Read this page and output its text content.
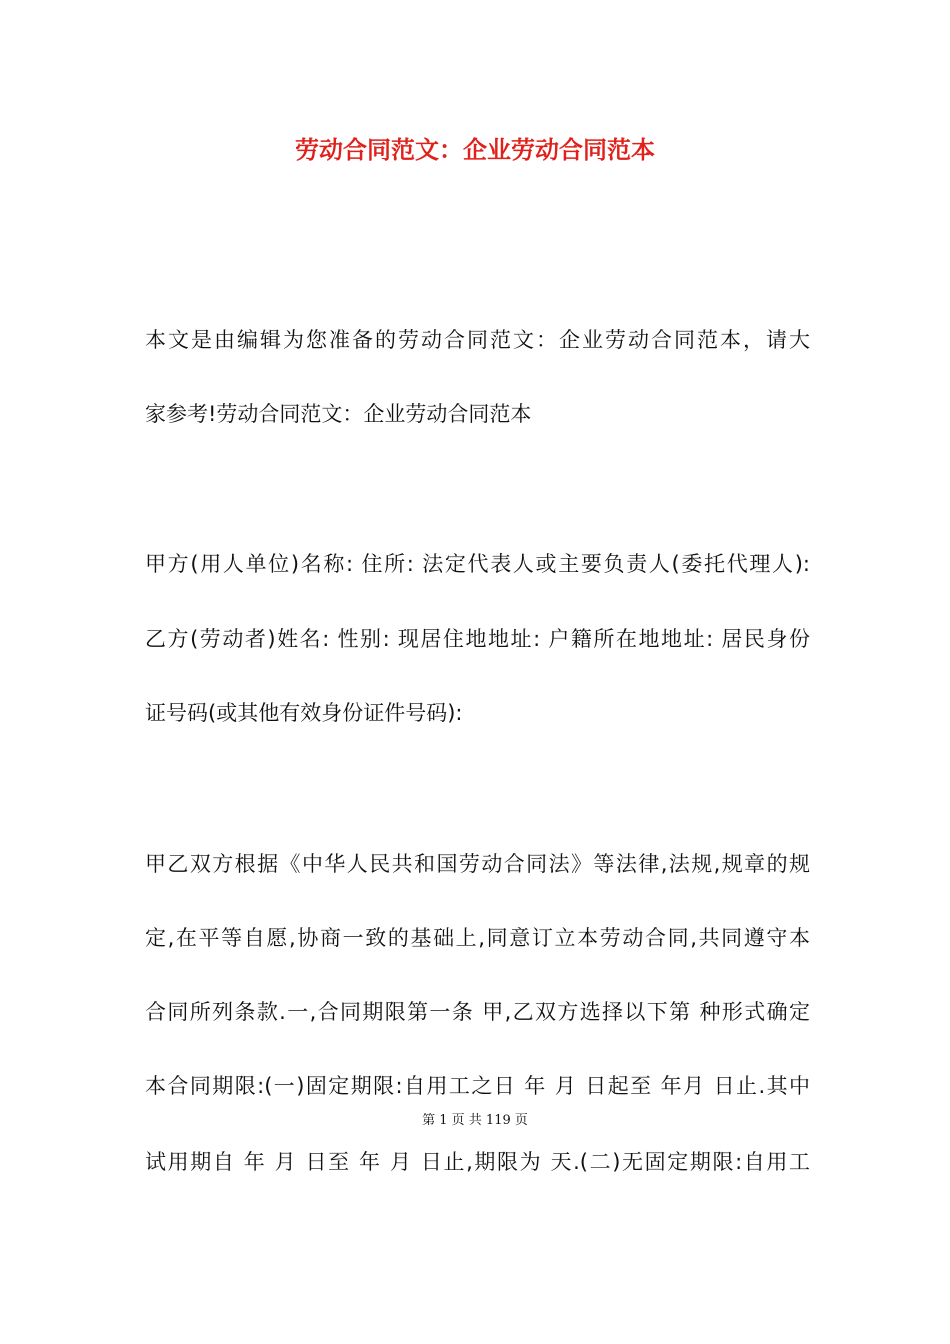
劳动合同范文：企业劳动合同范本
本文是由编辑为您准备的劳动合同范文：企业劳动合同范本，请大
家参考!劳动合同范文：企业劳动合同范本
甲方(用人单位)名称: 住所: 法定代表人或主要负责人(委托代理人):
乙方(劳动者)姓名: 性别: 现居住地地址: 户籍所在地地址: 居民身份
证号码(或其他有效身份证件号码):
甲乙双方根据《中华人民共和国劳动合同法》等法律,法规,规章的规
定,在平等自愿,协商一致的基础上,同意订立本劳动合同,共同遵守本
合同所列条款.一,合同期限第一条 甲,乙双方选择以下第 种形式确定
本合同期限:(一)固定期限:自用工之日 年 月 日起至 年月 日止.其中
第 1 页 共 119 页
试用期自 年 月 日至 年 月 日止,期限为 天.(二)无固定期限:自用工
